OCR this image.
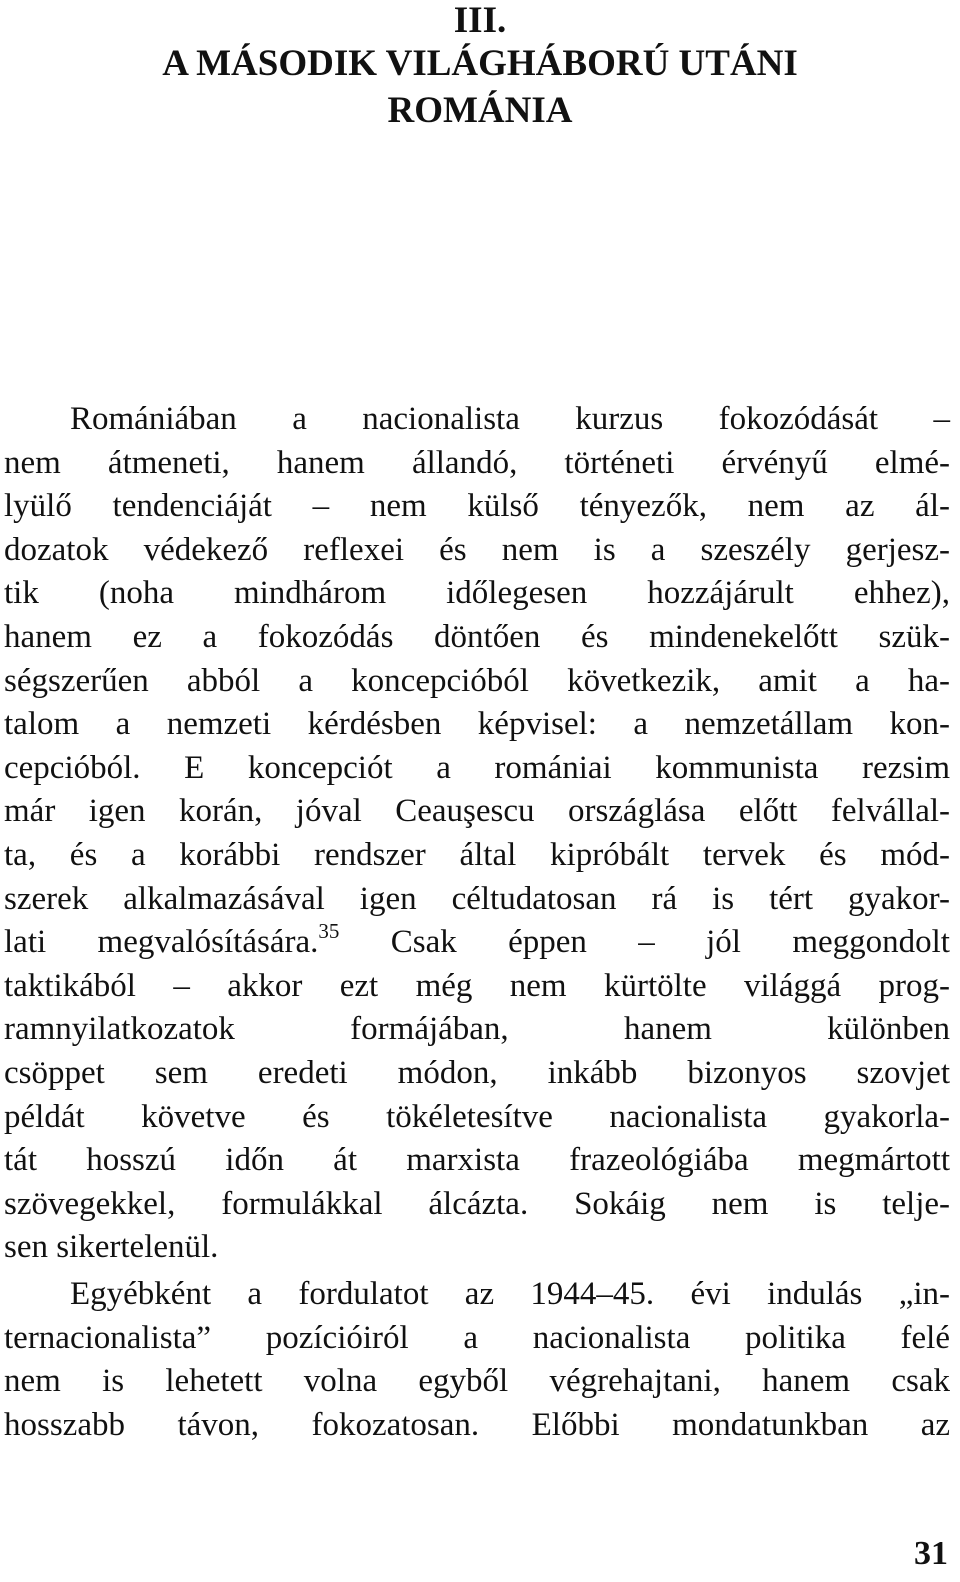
III.
A MÁSODIK VILÁGHÁBORÚ UTÁNI
ROMÁNIA
Romániában a nacionalista kurzus fokozódását –
nem átmeneti, hanem állandó, történeti érvényű elmé-
lyülő tendenciáját – nem külső tényezők, nem az ál-
dozatok védekező reflexei és nem is a szeszély gerjesz-
tik (noha mindhárom időlegesen hozzájárult ehhez),
hanem ez a fokozódás döntően és mindenekelőtt szük-
ségszerűen abból a koncepcióból következik, amit a ha-
talom a nemzeti kérdésben képvisel: a nemzetállam kon-
cepcióból. E koncepciót a romániai kommunista rezsim
már igen korán, jóval Ceauşescu országlása előtt felvállal-
ta, és a korábbi rendszer által kipróbált tervek és mód-
szerek alkalmazásával igen céltudatosan rá is tért gyakor-
lati megvalósítására.$^{35}$ Csak éppen – jól meggondolt
taktikából – akkor ezt még nem kürtölte világgá prog-
ramnyilatkozatok formájában, hanem különben
csöppet sem eredeti módon, inkább bizonyos szovjet
példát követve és tökéletesítve nacionalista gyakorla-
tát hosszú időn át marxista frazeológiába megmártott
szövegekkel, formulákkal álcázta. Sokáig nem is telje-
sen sikertelenül.
Egyébként a fordulatot az 1944–45. évi indulás „in-
ternacionalista” pozícióiról a nacionalista politika felé
nem is lehetett volna egyből végrehajtani, hanem csak
hosszabb távon, fokozatosan. Előbbi mondatunkban az
31
